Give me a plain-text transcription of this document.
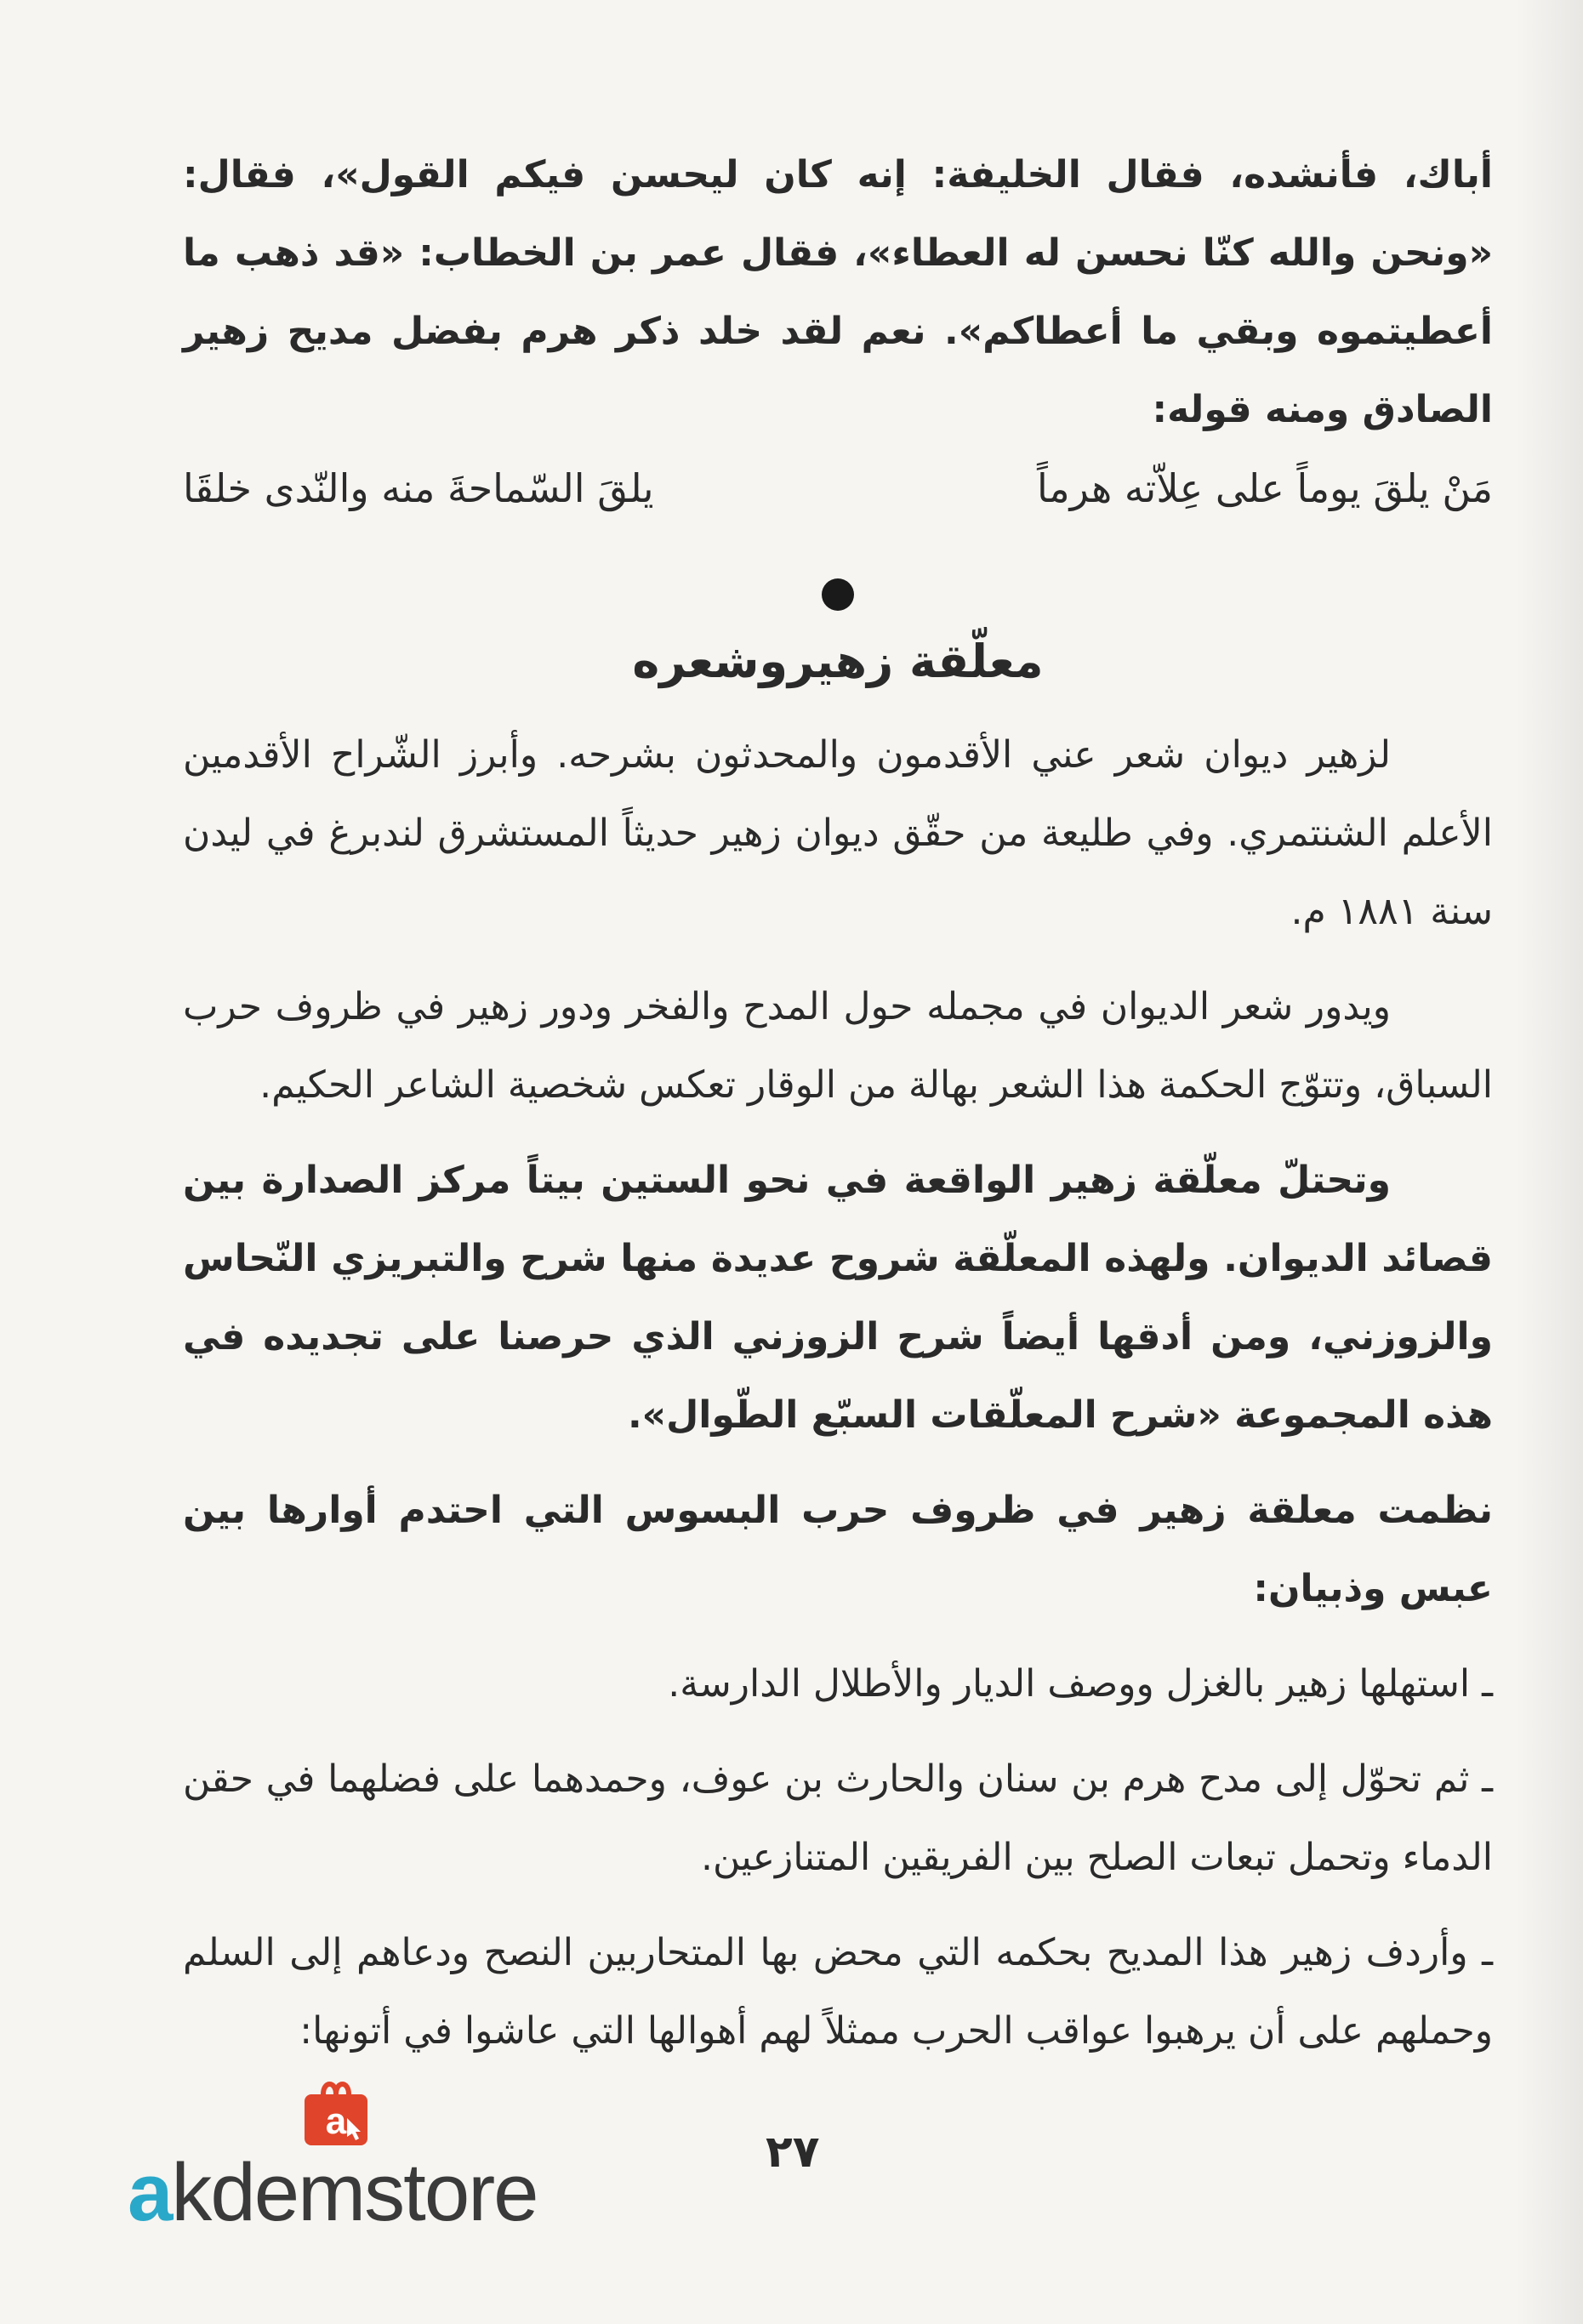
أباك، فأنشده، فقال الخليفة: إنه كان ليحسن فيكم القول»، فقال: «ونحن والله كنّا نحسن له العطاء»، فقال عمر بن الخطاب: «قد ذهب ما أعطيتموه وبقي ما أعطاكم». نعم لقد خلد ذكر هرم بفضل مديح زهير الصادق ومنه قوله:

مَنْ يلقَ يوماً على عِلاّته هرماً
يلقَ السّماحةَ منه والنّدى خلقَا
معلّقة زهيروشعره

لزهير ديوان شعر عني الأقدمون والمحدثون بشرحه. وأبرز الشّراح الأقدمين الأعلم الشنتمري. وفي طليعة من حقّق ديوان زهير حديثاً المستشرق لندبرغ في ليدن سنة ١٨٨١ م.

ويدور شعر الديوان في مجمله حول المدح والفخر ودور زهير في ظروف حرب السباق، وتتوّج الحكمة هذا الشعر بهالة من الوقار تعكس شخصية الشاعر الحكيم.

وتحتلّ معلّقة زهير الواقعة في نحو الستين بيتاً مركز الصدارة بين قصائد الديوان. ولهذه المعلّقة شروح عديدة منها شرح والتبريزي النّحاس والزوزني، ومن أدقها أيضاً شرح الزوزني الذي حرصنا على تجديده في هذه المجموعة «شرح المعلّقات السبّع الطّوال».

نظمت معلقة زهير في ظروف حرب البسوس التي احتدم أوارها بين عبس وذبيان:

ـ استهلها زهير بالغزل ووصف الديار والأطلال الدارسة.

ـ ثم تحوّل إلى مدح هرم بن سنان والحارث بن عوف، وحمدهما على فضلهما في حقن الدماء وتحمل تبعات الصلح بين الفريقين المتنازعين.

ـ وأردف زهير هذا المديح بحكمه التي محض بها المتحاربين النصح ودعاهم إلى السلم وحملهم على أن يرهبوا عواقب الحرب ممثلاً لهم أهوالها التي عاشوا في أتونها:

٢٧
a
akdemstore
